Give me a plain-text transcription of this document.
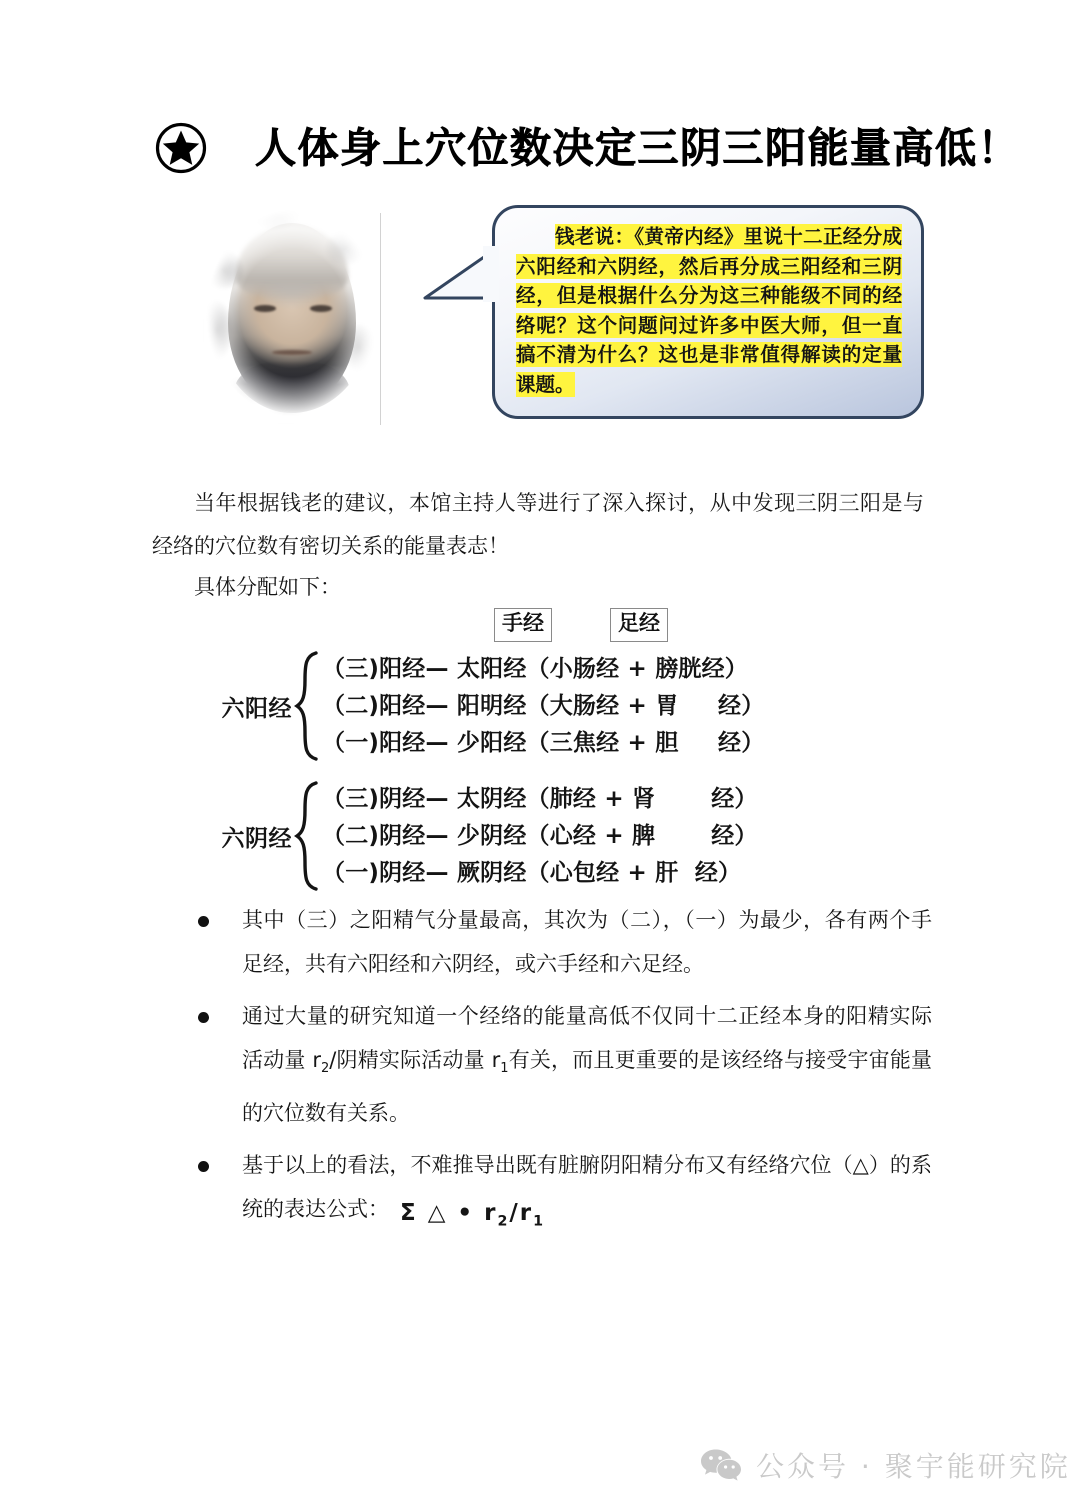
人体身上穴位数决定三阴三阳能量高低！
钱老说：《黄帝内经》里说十二正经分成六阳经和六阴经，然后再分成三阳经和三阴经，但是根据什么分为这三种能级不同的经络呢？这个问题问过许多中医大师，但一直搞不清为什么？这也是非常值得解读的定量课题。
当年根据钱老的建议，本馆主持人等进行了深入探讨，从中发现三阴三阳是与经络的穴位数有密切关系的能量表志！
具体分配如下：
手经	足经
六阳经
（三)阳经— 太阳经（小肠经 + 膀胱经）
（二)阳经— 阳明经（大肠经 + 胃　  经）
（一)阳经— 少阳经（三焦经 + 胆　  经）
六阴经
（三)阴经— 太阴经（肺经 + 肾　    经）
（二)阴经— 少阴经（心经 + 脾　    经）
（一)阴经— 厥阴经（心包经 + 肝  经）
其中（三）之阳精气分量最高，其次为（二），（一）为最少，各有两个手足经，共有六阳经和六阴经，或六手经和六足经。
通过大量的研究知道一个经络的能量高低不仅同十二正经本身的阳精实际活动量 $r_2/$阴精实际活动量 $r_1$有关，而且更重要的是该经络与接受宇宙能量的穴位数有关系。
基于以上的看法，不难推导出既有脏腑阴阳精分布又有经络穴位（△）的系统的表达公式： Σ △ • $r_2/r_1$
公众号 · 聚宇能研究院
